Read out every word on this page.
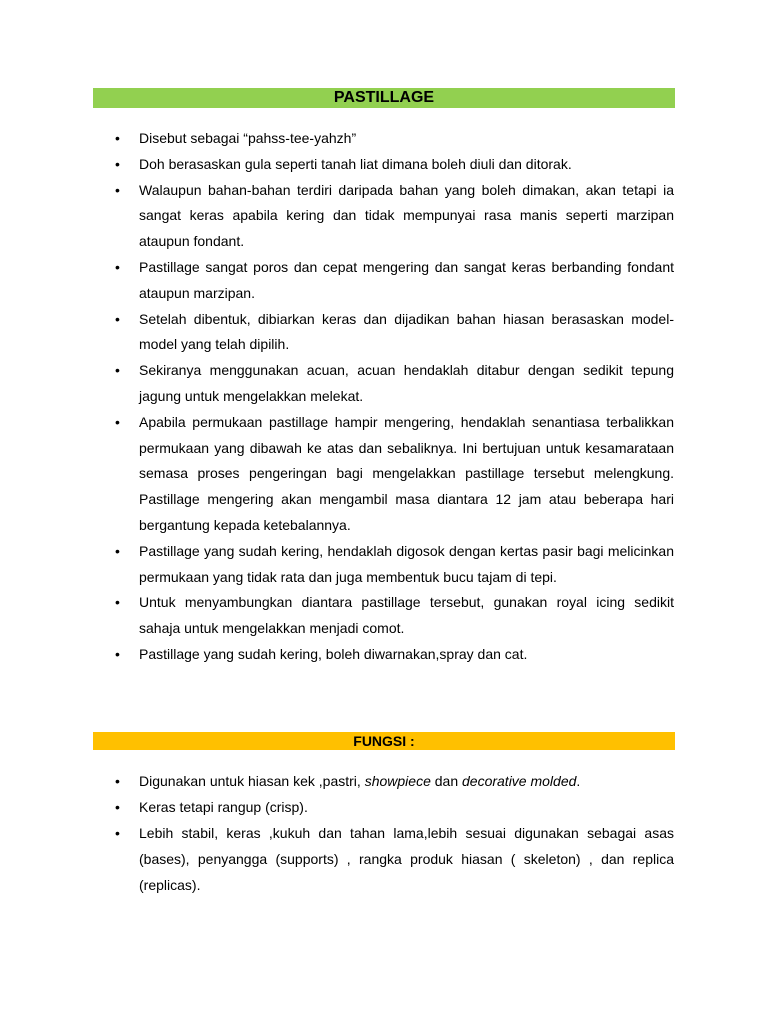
PASTILLAGE
• Disebut sebagai “pahss-tee-yahzh”
• Doh berasaskan gula seperti tanah liat dimana boleh diuli dan ditorak.
• Walaupun bahan-bahan terdiri daripada bahan yang boleh dimakan, akan tetapi ia sangat keras apabila kering dan tidak mempunyai rasa manis seperti marzipan ataupun fondant.
• Pastillage sangat poros dan cepat mengering dan sangat keras berbanding fondant ataupun marzipan.
• Setelah dibentuk, dibiarkan keras dan dijadikan bahan hiasan berasaskan model-model yang telah dipilih.
• Sekiranya menggunakan acuan, acuan hendaklah ditabur dengan sedikit tepung jagung untuk mengelakkan melekat.
• Apabila permukaan pastillage hampir mengering, hendaklah senantiasa terbalikkan permukaan yang dibawah ke atas dan sebaliknya. Ini bertujuan untuk kesamarataan semasa proses pengeringan bagi mengelakkan pastillage tersebut melengkung. Pastillage mengering akan mengambil masa diantara 12 jam atau beberapa hari bergantung kepada ketebalannya.
• Pastillage yang sudah kering, hendaklah digosok dengan kertas pasir bagi melicinkan permukaan yang tidak rata dan juga membentuk bucu tajam di tepi.
• Untuk menyambungkan diantara pastillage tersebut, gunakan royal icing sedikit sahaja untuk mengelakkan menjadi comot.
• Pastillage yang sudah kering, boleh diwarnakan,spray dan cat.
FUNGSI :
• Digunakan untuk hiasan kek ,pastri, showpiece dan decorative molded.
• Keras tetapi rangup (crisp).
• Lebih stabil, keras ,kukuh dan tahan lama,lebih sesuai digunakan sebagai asas (bases), penyangga (supports) , rangka produk hiasan ( skeleton) , dan replica (replicas).
